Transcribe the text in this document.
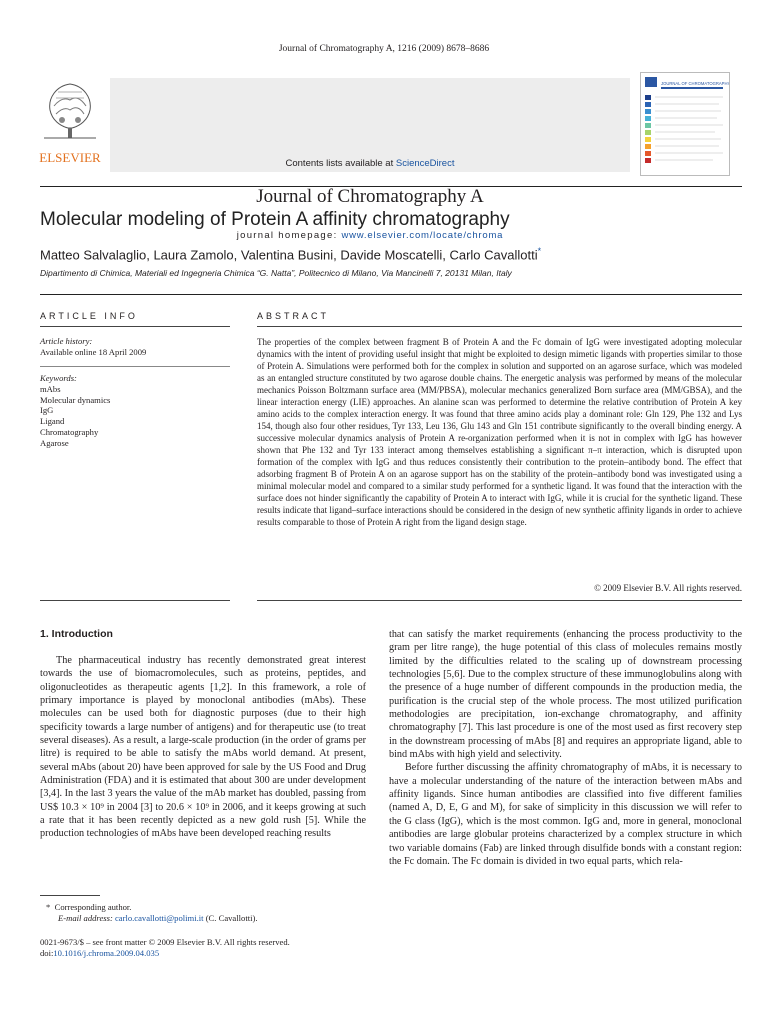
Journal of Chromatography A, 1216 (2009) 8678–8686
ELSEVIER	Contents lists available at ScienceDirect
Journal of Chromatography A
journal homepage: www.elsevier.com/locate/chroma
JOURNAL OF CHROMATOGRAPHY A
Molecular modeling of Protein A affinity chromatography
Matteo Salvalaglio, Laura Zamolo, Valentina Busini, Davide Moscatelli, Carlo Cavallotti*
Dipartimento di Chimica, Materiali ed Ingegneria Chimica “G. Natta”, Politecnico di Milano, Via Mancinelli 7, 20131 Milan, Italy
ARTICLE INFO
Article history:
Available online 18 April 2009
Keywords:
mAbs
Molecular dynamics
IgG
Ligand
Chromatography
Agarose
ABSTRACT
The properties of the complex between fragment B of Protein A and the Fc domain of IgG were investigated adopting molecular dynamics with the intent of providing useful insight that might be exploited to design mimetic ligands with properties similar to those of Protein A. Simulations were performed both for the complex in solution and supported on an agarose surface, which was modeled as an entangled structure constituted by two agarose double chains. The energetic analysis was performed by means of the molecular mechanics Poisson Boltzmann surface area (MM/PBSA), molecular mechanics generalized Born surface area (MM/GBSA), and the linear interaction energy (LIE) approaches. An alanine scan was performed to determine the relative contribution of Protein A key amino acids to the complex interaction energy. It was found that three amino acids play a dominant role: Gln 129, Phe 132 and Lys 154, though also four other residues, Tyr 133, Leu 136, Glu 143 and Gln 151 contribute significantly to the overall binding energy. A successive molecular dynamics analysis of Protein A re-organization performed when it is not in complex with IgG has however shown that Phe 132 and Tyr 133 interact among themselves establishing a significant π–π interaction, which is disrupted upon formation of the complex with IgG and thus reduces consistently their contribution to the protein–antibody bond. The effect that adsorbing fragment B of Protein A on an agarose support has on the stability of the protein–antibody bond was investigated using a minimal molecular model and compared to a similar study performed for a synthetic ligand. It was found that the interaction with the surface does not hinder significantly the capability of Protein A to interact with IgG, while it is crucial for the synthetic ligand. These results indicate that ligand–surface interactions should be considered in the design of new synthetic affinity ligands in order to achieve results comparable to those of Protein A right from the ligand design stage.
© 2009 Elsevier B.V. All rights reserved.
1. Introduction

The pharmaceutical industry has recently demonstrated great interest towards the use of biomacromolecules, such as proteins, peptides, and oligonucleotides as therapeutic agents [1,2]. In this framework, a role of primary importance is played by monoclonal antibodies (mAbs). These molecules can be used both for diagnostic purposes (due to their high specificity towards a large number of antigens) and for therapeutic use (to treat several diseases). As a result, a large-scale production (in the order of grams per litre) is required to be able to satisfy the mAbs world demand. At present, several mAbs (about 20) have been approved for sale by the US Food and Drug Administration (FDA) and it is estimated that about 300 are under development [3,4]. In the last 3 years the value of the mAb market has doubled, passing from US$ 10.3 × 10⁹ in 2004 [3] to 20.6 × 10⁹ in 2006, and it keeps growing at such a rate that it has been recently depicted as a new gold rush [5]. While the production technologies of mAbs have been developed reaching results

that can satisfy the market requirements (enhancing the process productivity to the gram per litre range), the huge potential of this class of molecules remains mostly limited by the difficulties related to the scaling up of downstream processing technologies [5,6]. Due to the complex structure of these immunoglobulins along with the presence of a huge number of different compounds in the production media, the purification is the crucial step of the whole process. The most utilized purification methodologies are precipitation, ion-exchange chromatography, and affinity chromatography [7]. This last procedure is one of the most used as first recovery step in the downstream processing of mAbs [8] and requires an appropriate ligand, able to bind mAbs with high yield and selectivity.

Before further discussing the affinity chromatography of mAbs, it is necessary to have a molecular understanding of the nature of the interaction between mAbs and affinity ligands. Since human antibodies are classified into five different families (named A, D, E, G and M), for sake of simplicity in this discussion we will refer to the G class (IgG), which is the most common. IgG and, more in general, monoclonal antibodies are large globular proteins characterized by a complex structure in which two variable domains (Fab) are linked through disulfide bonds with a constant region: the Fc domain. The Fc domain is divided in two equal parts, which rela-

* Corresponding author.
E-mail address: carlo.cavallotti@polimi.it (C. Cavallotti).
0021-9673/$ – see front matter © 2009 Elsevier B.V. All rights reserved.
doi:10.1016/j.chroma.2009.04.035
